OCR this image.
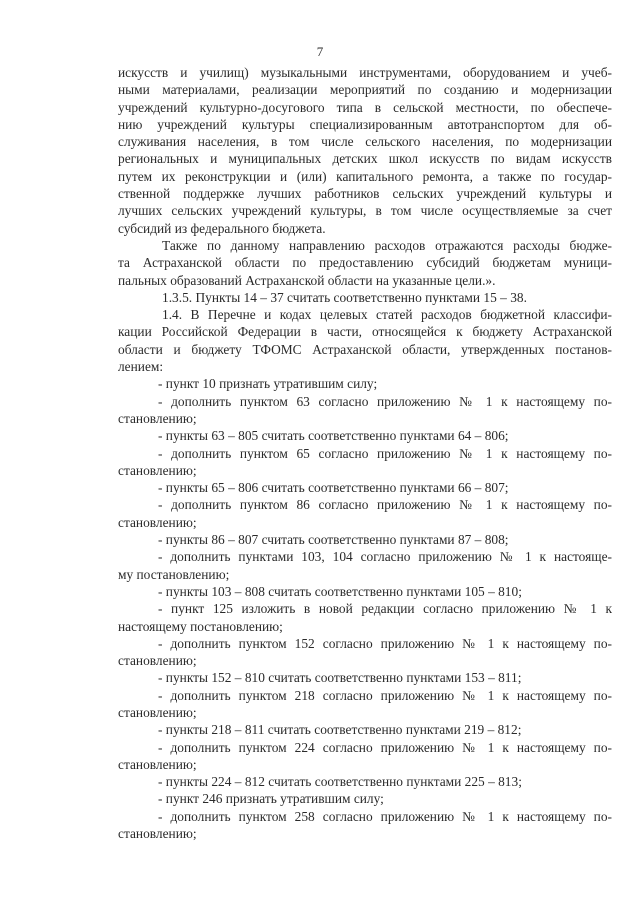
7
искусств и училищ) музыкальными инструментами, оборудованием и учеб-
ными материалами, реализации мероприятий по созданию и модернизации
учреждений культурно-досугового типа в сельской местности, по обеспече-
нию учреждений культуры специализированным автотранспортом для об-
служивания населения, в том числе сельского населения, по модернизации
региональных и муниципальных детских школ искусств по видам искусств
путем их реконструкции и (или) капитального ремонта, а также по государ-
ственной поддержке лучших работников сельских учреждений культуры и
лучших сельских учреждений культуры, в том числе осуществляемые за счет
субсидий из федерального бюджета.
Также по данному направлению расходов отражаются расходы бюдже-
та Астраханской области по предоставлению субсидий бюджетам муници-
пальных образований Астраханской области на указанные цели.».
1.3.5. Пункты 14 – 37 считать соответственно пунктами 15 – 38.
1.4. В Перечне и кодах целевых статей расходов бюджетной классифи-
кации Российской Федерации в части, относящейся к бюджету Астраханской
области и бюджету ТФОМС Астраханской области, утвержденных постанов-
лением:
- пункт 10 признать утратившим силу;
- дополнить пунктом 63 согласно приложению № 1 к настоящему по-
становлению;
- пункты 63 – 805 считать соответственно пунктами 64 – 806;
- дополнить пунктом 65 согласно приложению № 1 к настоящему по-
становлению;
- пункты 65 – 806 считать соответственно пунктами 66 – 807;
- дополнить пунктом 86 согласно приложению № 1 к настоящему по-
становлению;
- пункты 86 – 807 считать соответственно пунктами 87 – 808;
- дополнить пунктами 103, 104 согласно приложению № 1 к настояще-
му постановлению;
- пункты 103 – 808 считать соответственно пунктами 105 – 810;
- пункт 125 изложить в новой редакции согласно приложению № 1 к
настоящему постановлению;
- дополнить пунктом 152 согласно приложению № 1 к настоящему по-
становлению;
- пункты 152 – 810 считать соответственно пунктами 153 – 811;
- дополнить пунктом 218 согласно приложению № 1 к настоящему по-
становлению;
- пункты 218 – 811 считать соответственно пунктами 219 – 812;
- дополнить пунктом 224 согласно приложению № 1 к настоящему по-
становлению;
- пункты 224 – 812 считать соответственно пунктами 225 – 813;
- пункт 246 признать утратившим силу;
- дополнить пунктом 258 согласно приложению № 1 к настоящему по-
становлению;
